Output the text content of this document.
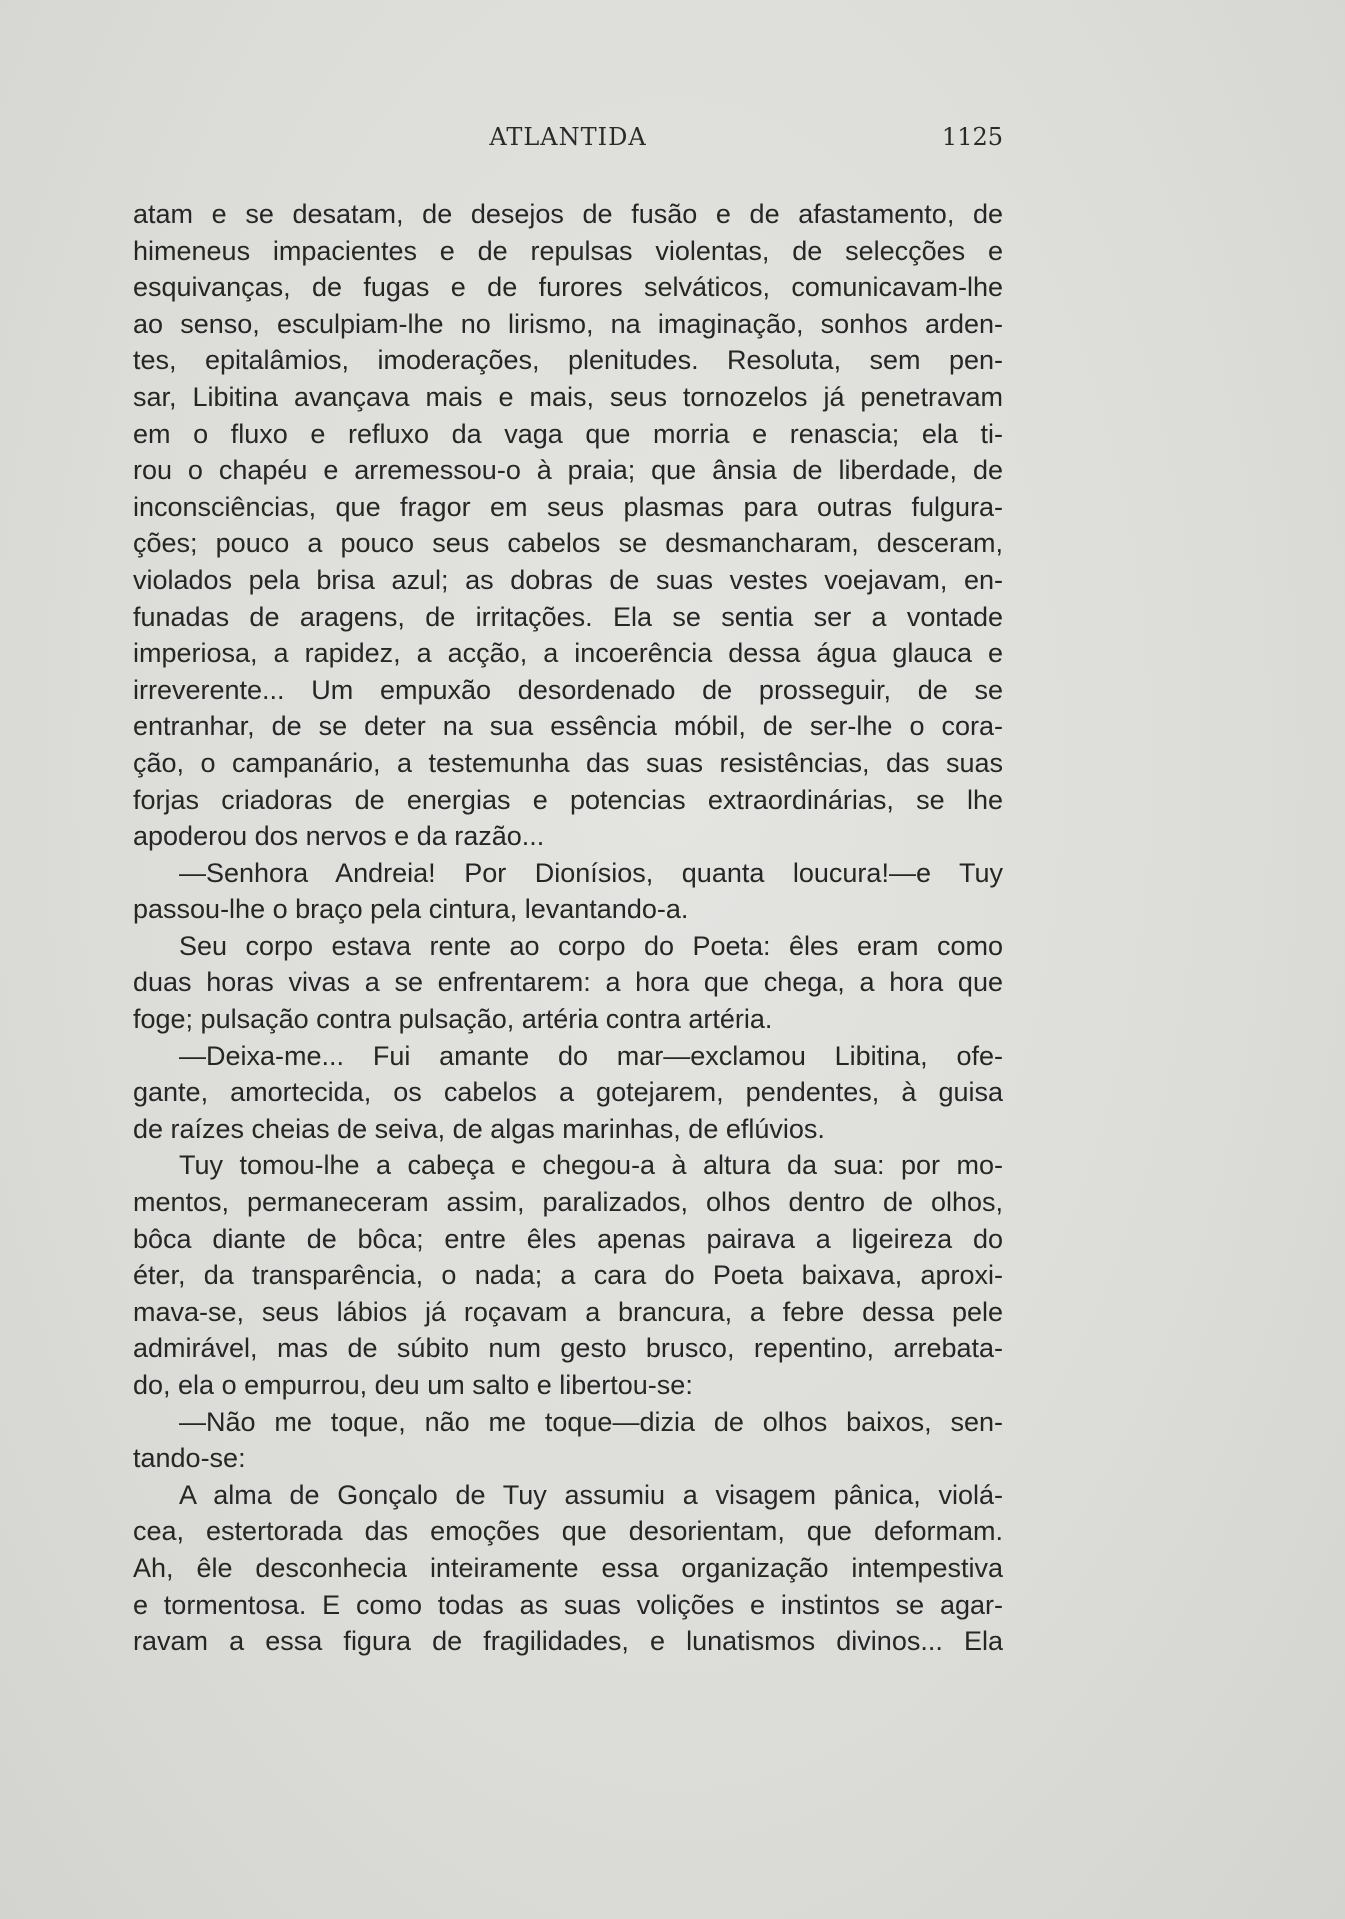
ATLANTIDA	1125

atam e se desatam, de desejos de fusão e de afastamento, de

himeneus impacientes e de repulsas violentas, de selecções e

esquivanças, de fugas e de furores selváticos, comunicavam-lhe

ao senso, esculpiam-lhe no lirismo, na imaginação, sonhos arden-

tes, epitalâmios, imoderações, plenitudes. Resoluta, sem pen-

sar, Libitina avançava mais e mais, seus tornozelos já penetravam

em o fluxo e refluxo da vaga que morria e renascia; ela ti-

rou o chapéu e arremessou-o à praia; que ânsia de liberdade, de

inconsciências, que fragor em seus plasmas para outras fulgura-

ções; pouco a pouco seus cabelos se desmancharam, desceram,

violados pela brisa azul; as dobras de suas vestes voejavam, en-

funadas de aragens, de irritações. Ela se sentia ser a vontade

imperiosa, a rapidez, a acção, a incoerência dessa água glauca e

irreverente... Um empuxão desordenado de prosseguir, de se

entranhar, de se deter na sua essência móbil, de ser-lhe o cora-

ção, o campanário, a testemunha das suas resistências, das suas

forjas criadoras de energias e potencias extraordinárias, se lhe

apoderou dos nervos e da razão...

—Senhora Andreia! Por Dionísios, quanta loucura!—e Tuy

passou-lhe o braço pela cintura, levantando-a.

Seu corpo estava rente ao corpo do Poeta: êles eram como

duas horas vivas a se enfrentarem: a hora que chega, a hora que

foge; pulsação contra pulsação, artéria contra artéria.

—Deixa-me... Fui amante do mar—exclamou Libitina, ofe-

gante, amortecida, os cabelos a gotejarem, pendentes, à guisa

de raízes cheias de seiva, de algas marinhas, de eflúvios.

Tuy tomou-lhe a cabeça e chegou-a à altura da sua: por mo-

mentos, permaneceram assim, paralizados, olhos dentro de olhos,

bôca diante de bôca; entre êles apenas pairava a ligeireza do

éter, da transparência, o nada; a cara do Poeta baixava, aproxi-

mava-se, seus lábios já roçavam a brancura, a febre dessa pele

admirável, mas de súbito num gesto brusco, repentino, arrebata-

do, ela o empurrou, deu um salto e libertou-se:

—Não me toque, não me toque—dizia de olhos baixos, sen-

tando-se:

A alma de Gonçalo de Tuy assumiu a visagem pânica, violá-

cea, estertorada das emoções que desorientam, que deformam.

Ah, êle desconhecia inteiramente essa organização intempestiva

e tormentosa. E como todas as suas volições e instintos se agar-

ravam a essa figura de fragilidades, e lunatismos divinos... Ela
